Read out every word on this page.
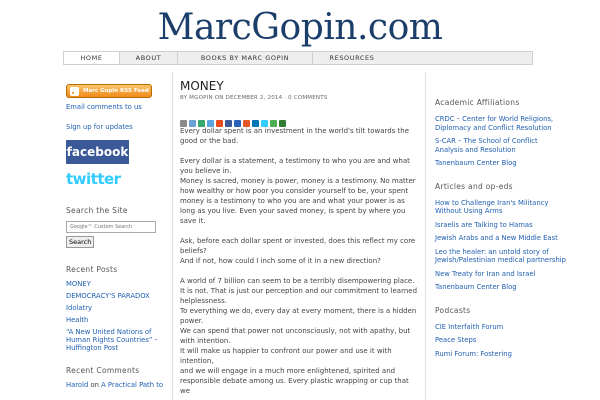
MarcGopin.com
HOME	ABOUT	BOOKS BY MARC GOPIN	RESOURCES
Marc Gopin RSS Feed
Email comments to us
Sign up for updates
facebook
twitter
Search the Site
Google™ Custom Search
Search
Recent Posts
MONEY
DEMOCRACY'S PARADOX
Idolatry
Health
“A New United Nations of Human Rights Countries” – Huffington Post
Recent Comments
Harold on A Practical Path to
MONEY
BY MGOPIN ON DECEMBER 2, 2014 · 0 COMMENTS

Every dollar spent is an investment in the world's tilt towards the good or the bad.

Every dollar is a statement, a testimony to who you are and what you believe in.

Money is sacred, money is power, money is a testimony. No matter how wealthy or how poor you consider yourself to be, your spent money is a testimony to who you are and what your power is as long as you live. Even your saved money, is spent by where you save it.

Ask, before each dollar spent or invested, does this reflect my core beliefs?

And if not, how could I inch some of it in a new direction?

A world of 7 billion can seem to be a terribly disempowering place. It is not. That is just our perception and our commitment to learned helplessness.
To everything we do, every day at every moment, there is a hidden power.
We can spend that power not unconsciously, not with apathy, but with intention.
It will make us happier to confront our power and use it with intention,
and we will engage in a much more enlightened, spirited and responsible debate among us. Every plastic wrapping or cup that we
Academic Affiliations
CRDC – Center for World Religions, Diplomacy and Conflict Resolution
S-CAR – The School of Conflict Analysis and Resolution
Tanenbaum Center Blog
Articles and op-eds
How to Challenge Iran's Militancy Without Using Arms
Israelis are Talking to Hamas
Jewish Arabs and a New Middle East
Leo the healer: an untold story of Jewish/Palestinian medical partnership
New Treaty for Iran and Israel
Tanenbaum Center Blog
Podcasts
CIE Interfaith Forum
Peace Steps
Rumi Forum: Fostering
